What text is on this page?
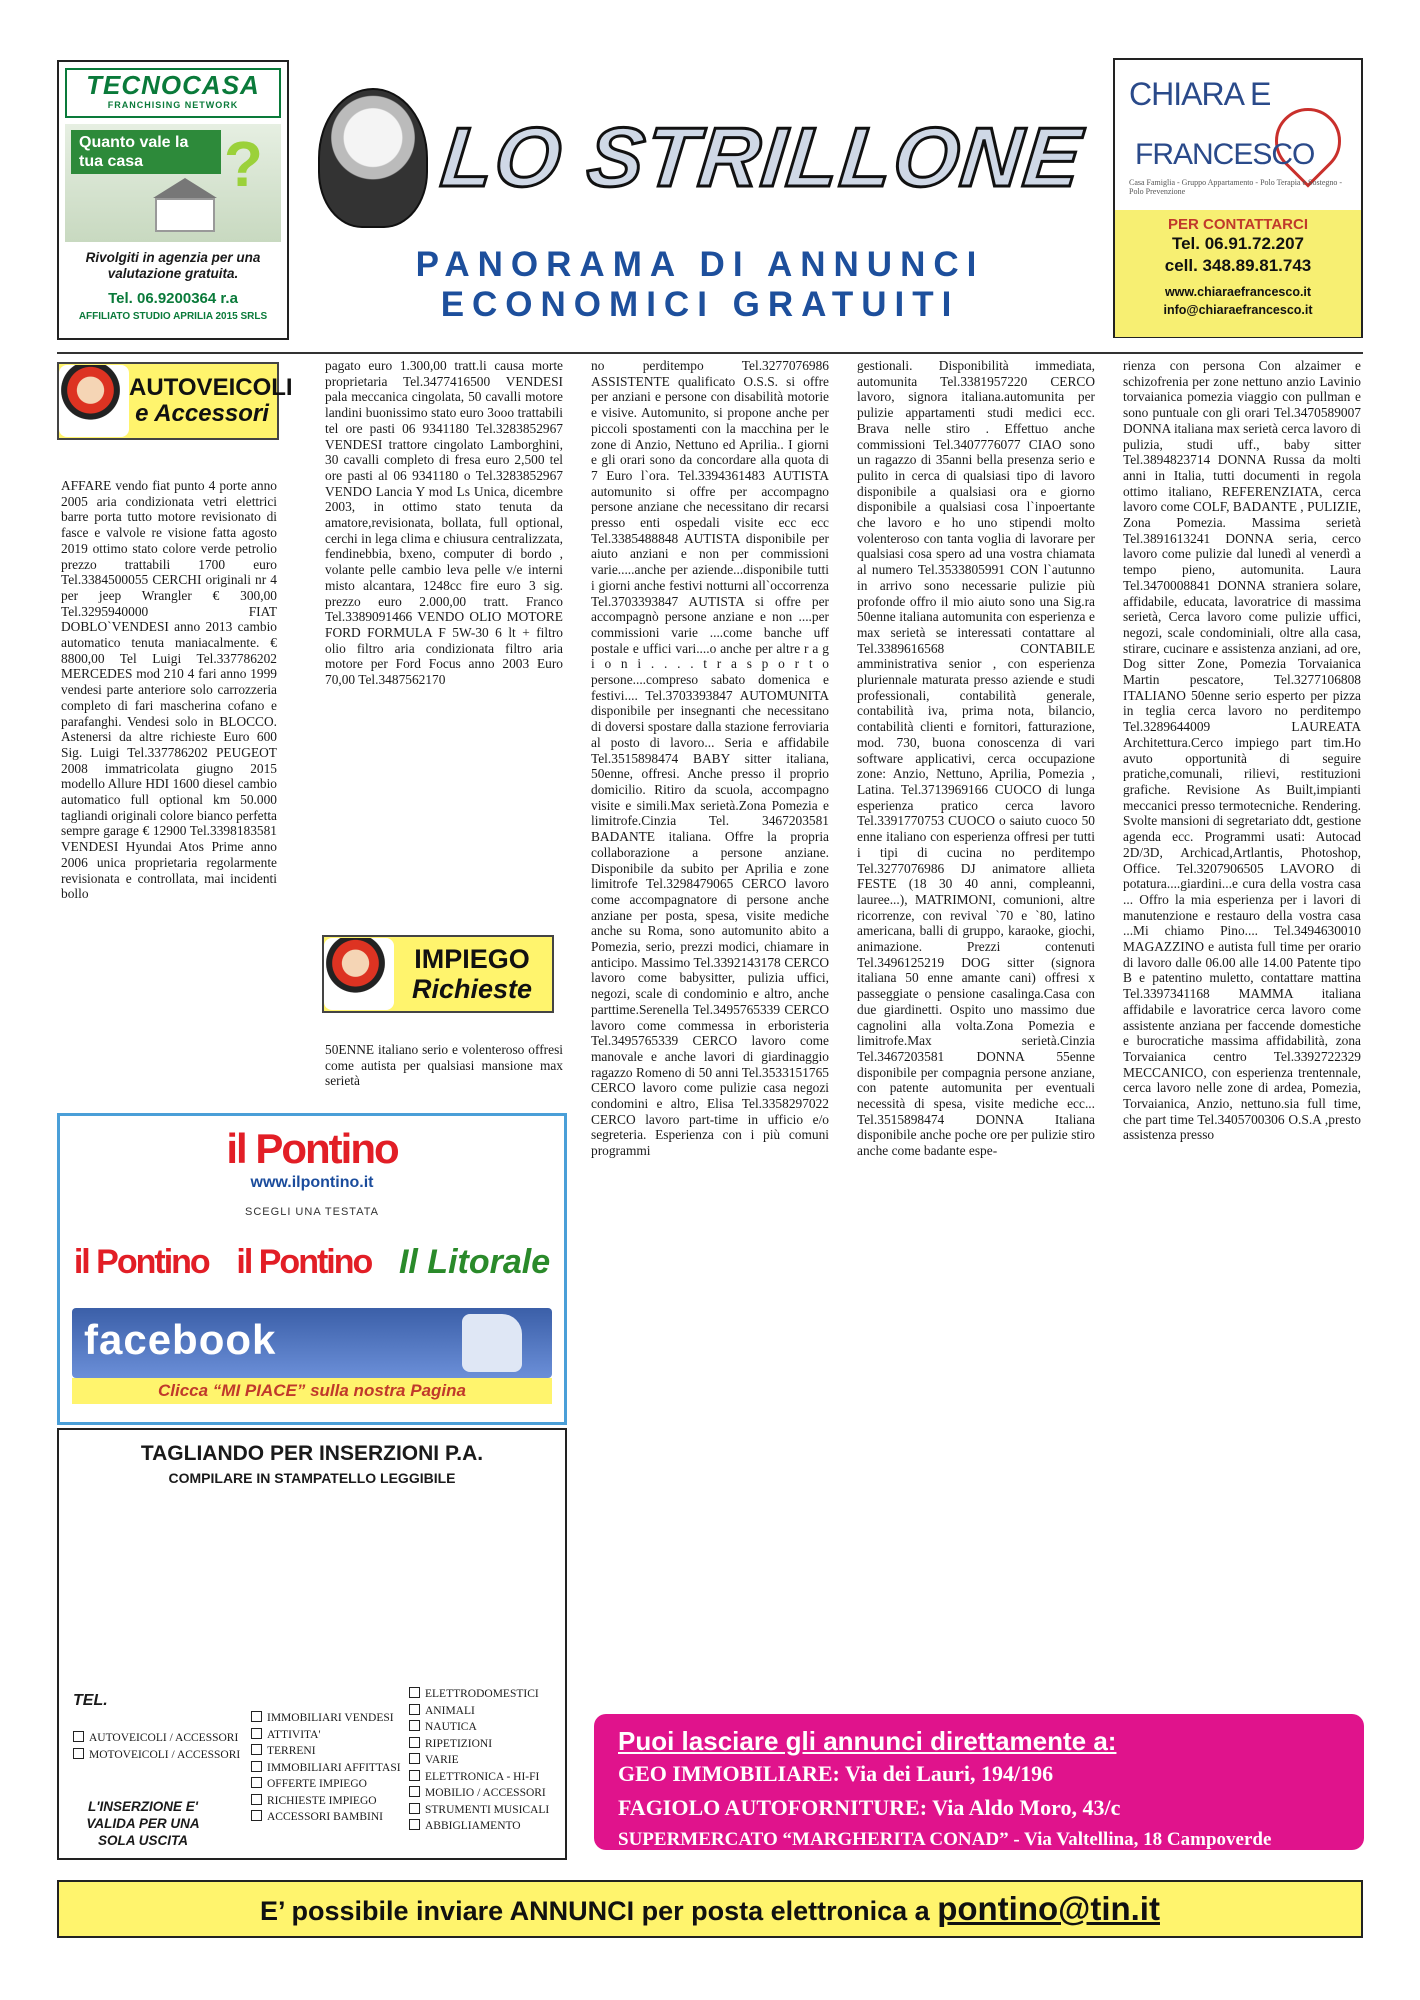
TECNOCASA
FRANCHISING NETWORK
Quanto vale la tua casa	?
Rivolgiti in agenzia per una valutazione gratuita.
Tel. 06.9200364 r.a
AFFILIATO STUDIO APRILIA 2015 SRLS
LO STRILLONE
PANORAMA DI ANNUNCI
ECONOMICI GRATUITI
CHIARA E
FRANCESCO
Casa Famiglia - Gruppo Appartamento - Polo Terapia e Sostegno - Polo Prevenzione
PER CONTATTARCI
Tel. 06.91.72.207
cell. 348.89.81.743
www.chiaraefrancesco.it
info@chiaraefrancesco.it
AUTOVEICOLI
e Accessori
IMPIEGO
Richieste

AFFARE vendo fiat punto 4 porte anno 2005 aria condizionata vetri elettrici barre porta tutto motore revisionato di fasce e valvole re visione fatta agosto 2019 ottimo stato colore verde petrolio prezzo trattabili 1700 euro Tel.3384500055 CERCHI originali nr 4 per jeep Wrangler € 300,00 Tel.3295940000 FIAT DOBLO`VENDESI anno 2013 cambio automatico tenuta maniacalmente. € 8800,00 Tel Luigi Tel.337786202 MERCEDES mod 210 4 fari anno 1999 vendesi parte anteriore solo carrozzeria completo di fari mascherina cofano e parafanghi. Vendesi solo in BLOCCO. Astenersi da altre richieste Euro 600 Sig. Luigi Tel.337786202 PEUGEOT 2008 immatricolata giugno 2015 modello Allure HDI 1600 diesel cambio automatico full optional km 50.000 tagliandi originali colore bianco perfetta sempre garage € 12900 Tel.3398183581 VENDESI Hyundai Atos Prime anno 2006 unica proprietaria regolarmente revisionata e controllata, mai incidenti bollo

pagato euro 1.300,00 tratt.li causa morte proprietaria Tel.3477416500 VENDESI pala meccanica cingolata, 50 cavalli motore landini buonissimo stato euro 3ooo trattabili tel ore pasti 06 9341180 Tel.3283852967 VENDESI trattore cingolato Lamborghini, 30 cavalli completo di fresa euro 2,500 tel ore pasti al 06 9341180 o Tel.3283852967 VENDO Lancia Y mod Ls Unica, dicembre 2003, in ottimo stato tenuta da amatore,revisionata, bollata, full optional, cerchi in lega clima e chiusura centralizzata, fendinebbia, bxeno, computer di bordo , volante pelle cambio leva pelle v/e interni misto alcantara, 1248cc fire euro 3 sig. prezzo euro 2.000,00 tratt. Franco Tel.3389091466 VENDO OLIO MOTORE FORD FORMULA F 5W-30 6 lt + filtro olio filtro aria condizionata filtro aria motore per Ford Focus anno 2003 Euro 70,00 Tel.3487562170

50ENNE italiano serio e volenteroso offresi come autista per qualsiasi mansione max serietà

no perditempo Tel.3277076986 ASSISTENTE qualificato O.S.S. si offre per anziani e persone con disabilità motorie e visive. Automunito, si propone anche per piccoli spostamenti con la macchina per le zone di Anzio, Nettuno ed Aprilia.. I giorni e gli orari sono da concordare alla quota di 7 Euro l`ora. Tel.3394361483 AUTISTA automunito si offre per accompagno persone anziane che necessitano dir recarsi presso enti ospedali visite ecc ecc Tel.3385488848 AUTISTA disponibile per aiuto anziani e non per commissioni varie.....anche per aziende...disponibile tutti i giorni anche festivi notturni all`occorrenza Tel.3703393847 AUTISTA si offre per accompagnò persone anziane e non ....per commissioni varie ....come banche uff postale e uffici vari....o anche per altre r a g i o n i . . . . t r a s p o r t o persone....compreso sabato domenica e festivi.... Tel.3703393847 AUTOMUNITA disponibile per insegnanti che necessitano di doversi spostare dalla stazione ferroviaria al posto di lavoro... Seria e affidabile Tel.3515898474 BABY sitter italiana, 50enne, offresi. Anche presso il proprio domicilio. Ritiro da scuola, accompagno visite e simili.Max serietà.Zona Pomezia e limitrofe.Cinzia Tel. 3467203581 BADANTE italiana. Offre la propria collaborazione a persone anziane. Disponibile da subito per Aprilia e zone limitrofe Tel.3298479065 CERCO lavoro come accompagnatore di persone anche anziane per posta, spesa, visite mediche anche su Roma, sono automunito abito a Pomezia, serio, prezzi modici, chiamare in anticipo. Massimo Tel.3392143178 CERCO lavoro come babysitter, pulizia uffici, negozi, scale di condominio e altro, anche parttime.Serenella Tel.3495765339 CERCO lavoro come commessa in erboristeria Tel.3495765339 CERCO lavoro come manovale e anche lavori di giardinaggio ragazzo Romeno di 50 anni Tel.3533151765 CERCO lavoro come pulizie casa negozi condomini e altro, Elisa Tel.3358297022 CERCO lavoro part-time in ufficio e/o segreteria. Esperienza con i più comuni programmi

gestionali. Disponibilità immediata, automunita Tel.3381957220 CERCO lavoro, signora italiana.automunita per pulizie appartamenti studi medici ecc. Brava nelle stiro . Effettuo anche commissioni Tel.3407776077 CIAO sono un ragazzo di 35anni bella presenza serio e pulito in cerca di qualsiasi tipo di lavoro disponibile a qualsiasi ora e giorno disponibile a qualsiasi cosa l`inpoertante che lavoro e ho uno stipendi molto volenteroso con tanta voglia di lavorare per qualsiasi cosa spero ad una vostra chiamata al numero Tel.3533805991 CON l`autunno in arrivo sono necessarie pulizie più profonde offro il mio aiuto sono una Sig.ra 50enne italiana automunita con esperienza e max serietà se interessati contattare al Tel.3389616568 CONTABILE amministrativa senior , con esperienza pluriennale maturata presso aziende e studi professionali, contabilità generale, contabilità iva, prima nota, bilancio, contabilità clienti e fornitori, fatturazione, mod. 730, buona conoscenza di vari software applicativi, cerca occupazione zone: Anzio, Nettuno, Aprilia, Pomezia , Latina. Tel.3713969166 CUOCO di lunga esperienza pratico cerca lavoro Tel.3391770753 CUOCO o saiuto cuoco 50 enne italiano con esperienza offresi per tutti i tipi di cucina no perditempo Tel.3277076986 DJ animatore allieta FESTE (18 30 40 anni, compleanni, lauree...), MATRIMONI, comunioni, altre ricorrenze, con revival `70 e `80, latino americana, balli di gruppo, karaoke, giochi, animazione. Prezzi contenuti Tel.3496125219 DOG sitter (signora italiana 50 enne amante cani) offresi x passeggiate o pensione casalinga.Casa con due giardinetti. Ospito uno massimo due cagnolini alla volta.Zona Pomezia e limitrofe.Max serietà.Cinzia Tel.3467203581 DONNA 55enne disponibile per compagnia persone anziane, con patente automunita per eventuali necessità di spesa, visite mediche ecc... Tel.3515898474 DONNA Italiana disponibile anche poche ore per pulizie stiro anche come badante espe-

rienza con persona Con alzaimer e schizofrenia per zone nettuno anzio Lavinio torvaianica pomezia viaggio con pullman e sono puntuale con gli orari Tel.3470589007 DONNA italiana max serietà cerca lavoro di pulizia, studi uff., baby sitter Tel.3894823714 DONNA Russa da molti anni in Italia, tutti documenti in regola ottimo italiano, REFERENZIATA, cerca lavoro come COLF, BADANTE , PULIZIE, Zona Pomezia. Massima serietà Tel.3891613241 DONNA seria, cerco lavoro come pulizie dal lunedì al venerdì a tempo pieno, automunita. Laura Tel.3470008841 DONNA straniera solare, affidabile, educata, lavoratrice di massima serietà, Cerca lavoro come pulizie uffici, negozi, scale condominiali, oltre alla casa, stirare, cucinare e assistenza anziani, ad ore, Dog sitter Zone, Pomezia Torvaianica Martin pescatore, Tel.3277106808 ITALIANO 50enne serio esperto per pizza in teglia cerca lavoro no perditempo Tel.3289644009 LAUREATA Architettura.Cerco impiego part tim.Ho avuto opportunità di seguire pratiche,comunali, rilievi, restituzioni grafiche. Revisione As Built,impianti meccanici presso termotecniche. Rendering. Svolte mansioni di segretariato ddt, gestione agenda ecc. Programmi usati: Autocad 2D/3D, Archicad,Artlantis, Photoshop, Office. Tel.3207906505 LAVORO di potatura....giardini...e cura della vostra casa ... Offro la mia esperienza per i lavori di manutenzione e restauro della vostra casa ...Mi chiamo Pino.... Tel.3494630010 MAGAZZINO e autista full time per orario di lavoro dalle 06.00 alle 14.00 Patente tipo B e patentino muletto, contattare mattina Tel.3397341168 MAMMA italiana affidabile e lavoratrice cerca lavoro come assistente anziana per faccende domestiche e burocratiche massima affidabilità, zona Torvaianica centro Tel.3392722329 MECCANICO, con esperienza trentennale, cerca lavoro nelle zone di ardea, Pomezia, Torvaianica, Anzio, nettuno.sia full time, che part time Tel.3405700306 O.S.A ,presto assistenza presso

il Pontino
www.ilpontino.it
SCEGLI UNA TESTATA
il Pontino il Pontino Il Litorale
facebook
Clicca “MI PIACE” sulla nostra Pagina
TAGLIANDO PER INSERZIONI P.A.
COMPILARE IN STAMPATELLO LEGGIBILE
TEL.
AUTOVEICOLI / ACCESSORI
MOTOVEICOLI / ACCESSORI
IMMOBILIARI VENDESI
ATTIVITA'
TERRENI
IMMOBILIARI AFFITTASI
OFFERTE IMPIEGO
RICHIESTE IMPIEGO
ACCESSORI BAMBINI
ELETTRODOMESTICI
ANIMALI
NAUTICA
RIPETIZIONI
VARIE
ELETTRONICA - HI-FI
MOBILIO / ACCESSORI
STRUMENTI MUSICALI
ABBIGLIAMENTO
L'INSERZIONE E' VALIDA PER UNA SOLA USCITA
Puoi lasciare gli annunci direttamente a:
GEO IMMOBILIARE: Via dei Lauri, 194/196
FAGIOLO AUTOFORNITURE: Via Aldo Moro, 43/c
SUPERMERCATO “MARGHERITA CONAD” - Via Valtellina, 18 Campoverde
E’ possibile inviare ANNUNCI per posta elettronica a pontino@tin.it
